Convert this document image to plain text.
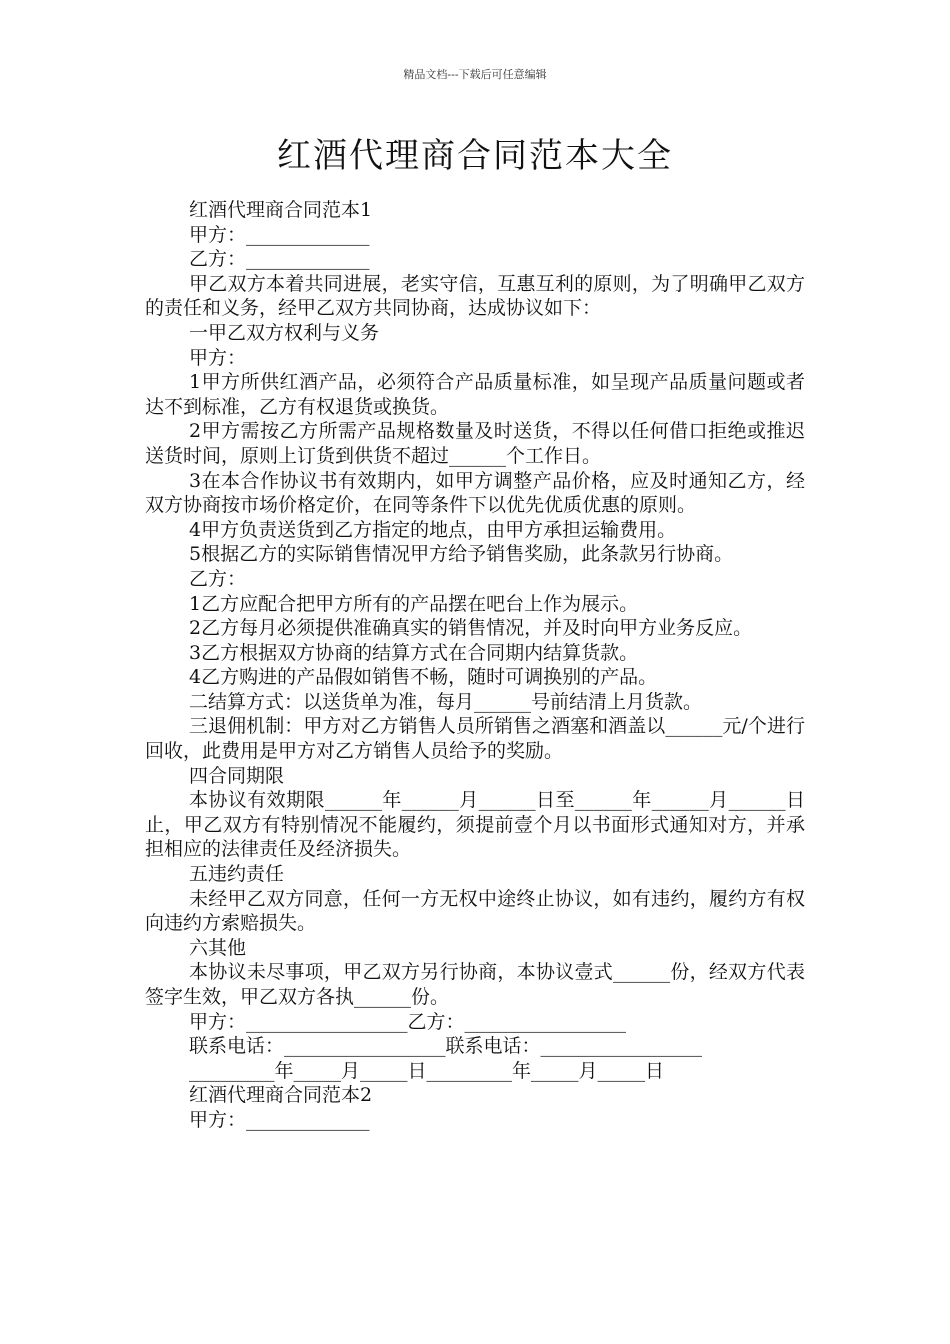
精品文档---下载后可任意编辑
红酒代理商合同范本大全

红酒代理商合同范本1

甲方：_____________

乙方：_____________

甲乙双方本着共同进展，老实守信，互惠互利的原则，为了明确甲乙双方的责任和义务，经甲乙双方共同协商，达成协议如下：

一甲乙双方权利与义务

甲方：

1甲方所供红酒产品，必须符合产品质量标准，如呈现产品质量问题或者达不到标准，乙方有权退货或换货。

2甲方需按乙方所需产品规格数量及时送货，不得以任何借口拒绝或推迟送货时间，原则上订货到供货不超过______个工作日。

3在本合作协议书有效期内，如甲方调整产品价格，应及时通知乙方，经双方协商按市场价格定价，在同等条件下以优先优质优惠的原则。

4甲方负责送货到乙方指定的地点，由甲方承担运输费用。

5根据乙方的实际销售情况甲方给予销售奖励，此条款另行协商。

乙方：

1乙方应配合把甲方所有的产品摆在吧台上作为展示。

2乙方每月必须提供准确真实的销售情况，并及时向甲方业务反应。

3乙方根据双方协商的结算方式在合同期内结算货款。

4乙方购进的产品假如销售不畅，随时可调换别的产品。

二结算方式：以送货单为准，每月______号前结清上月货款。

三退佣机制：甲方对乙方销售人员所销售之酒塞和酒盖以______元/个进行回收，此费用是甲方对乙方销售人员给予的奖励。

四合同期限

本协议有效期限______年______月______日至______年______月______日止，甲乙双方有特别情况不能履约，须提前壹个月以书面形式通知对方，并承担相应的法律责任及经济损失。

五违约责任

未经甲乙双方同意，任何一方无权中途终止协议，如有违约，履约方有权向违约方索赔损失。

六其他

本协议未尽事项，甲乙双方另行协商，本协议壹式______份，经双方代表签字生效，甲乙双方各执______份。

甲方：_________________乙方：_________________

联系电话：_________________联系电话：_________________

_________年_____月_____日_________年_____月_____日

红酒代理商合同范本2

甲方：_____________
